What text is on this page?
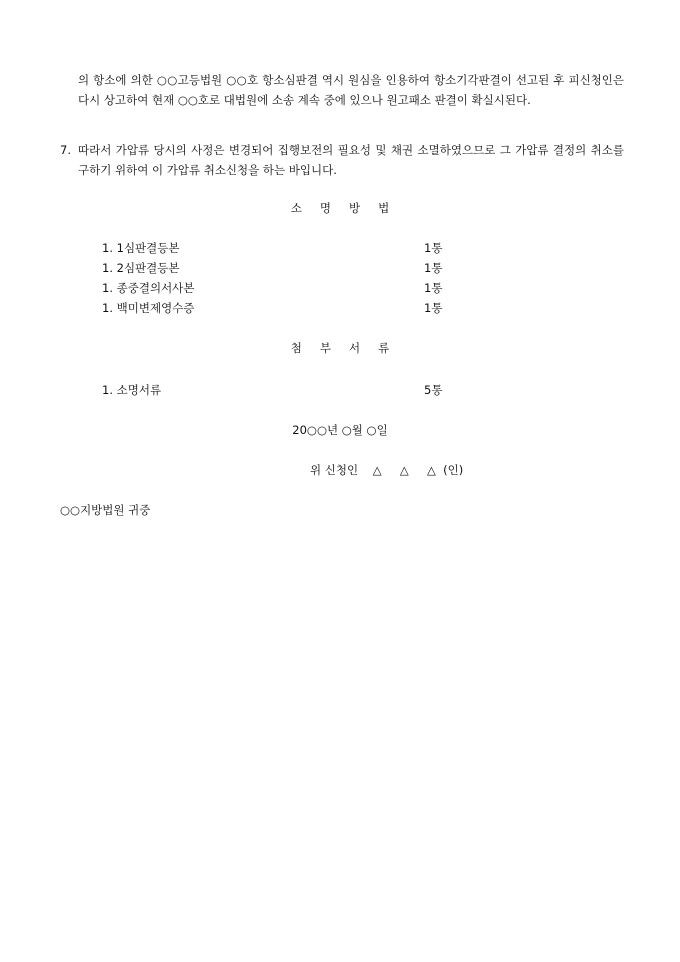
의 항소에 의한 ○○고등법원 ○○호 항소심판결 역시 원심을 인용하여 항소기각판결이 선고된 후 피신청인은 다시 상고하여 현재 ○○호로 대법원에 소송 계속 중에 있으나 원고패소 판결이 확실시된다.

7. 따라서 가압류 당시의 사정은 변경되어 집행보전의 필요성 및 채권 소멸하였으므로 그 가압류 결정의 취소를 구하기 위하여 이 가압류 취소신청을 하는 바입니다.
소 명 방 법
1. 1심판결등본	1통
1. 2심판결등본	1통
1. 종중결의서사본	1통
1. 백미변제영수증	1통
첨 부 서 류
1. 소명서류	5통
20○○년 ○월 ○일
위 신청인    △     △     △  (인)
○○지방법원 귀중
